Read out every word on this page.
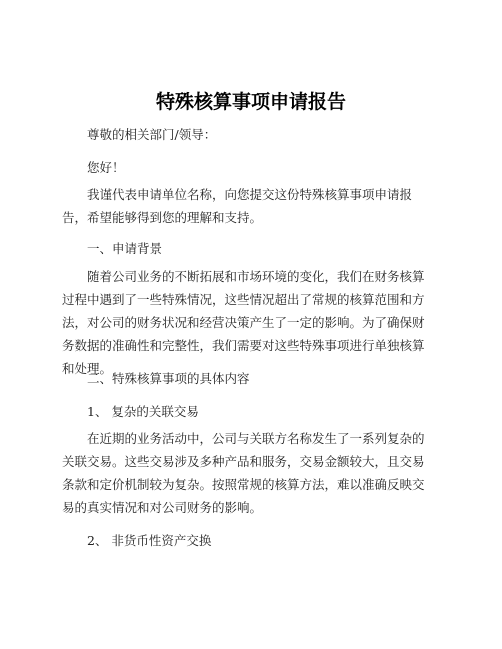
特殊核算事项申请报告

尊敬的相关部门/领导：

您好！

我谨代表申请单位名称，向您提交这份特殊核算事项申请报告，希望能够得到您的理解和支持。

一、申请背景

随着公司业务的不断拓展和市场环境的变化，我们在财务核算过程中遇到了一些特殊情况，这些情况超出了常规的核算范围和方法，对公司的财务状况和经营决策产生了一定的影响。为了确保财务数据的准确性和完整性，我们需要对这些特殊事项进行单独核算和处理。

二、特殊核算事项的具体内容

1、 复杂的关联交易

在近期的业务活动中，公司与关联方名称发生了一系列复杂的关联交易。这些交易涉及多种产品和服务，交易金额较大，且交易条款和定价机制较为复杂。按照常规的核算方法，难以准确反映交易的真实情况和对公司财务的影响。

2、 非货币性资产交换
